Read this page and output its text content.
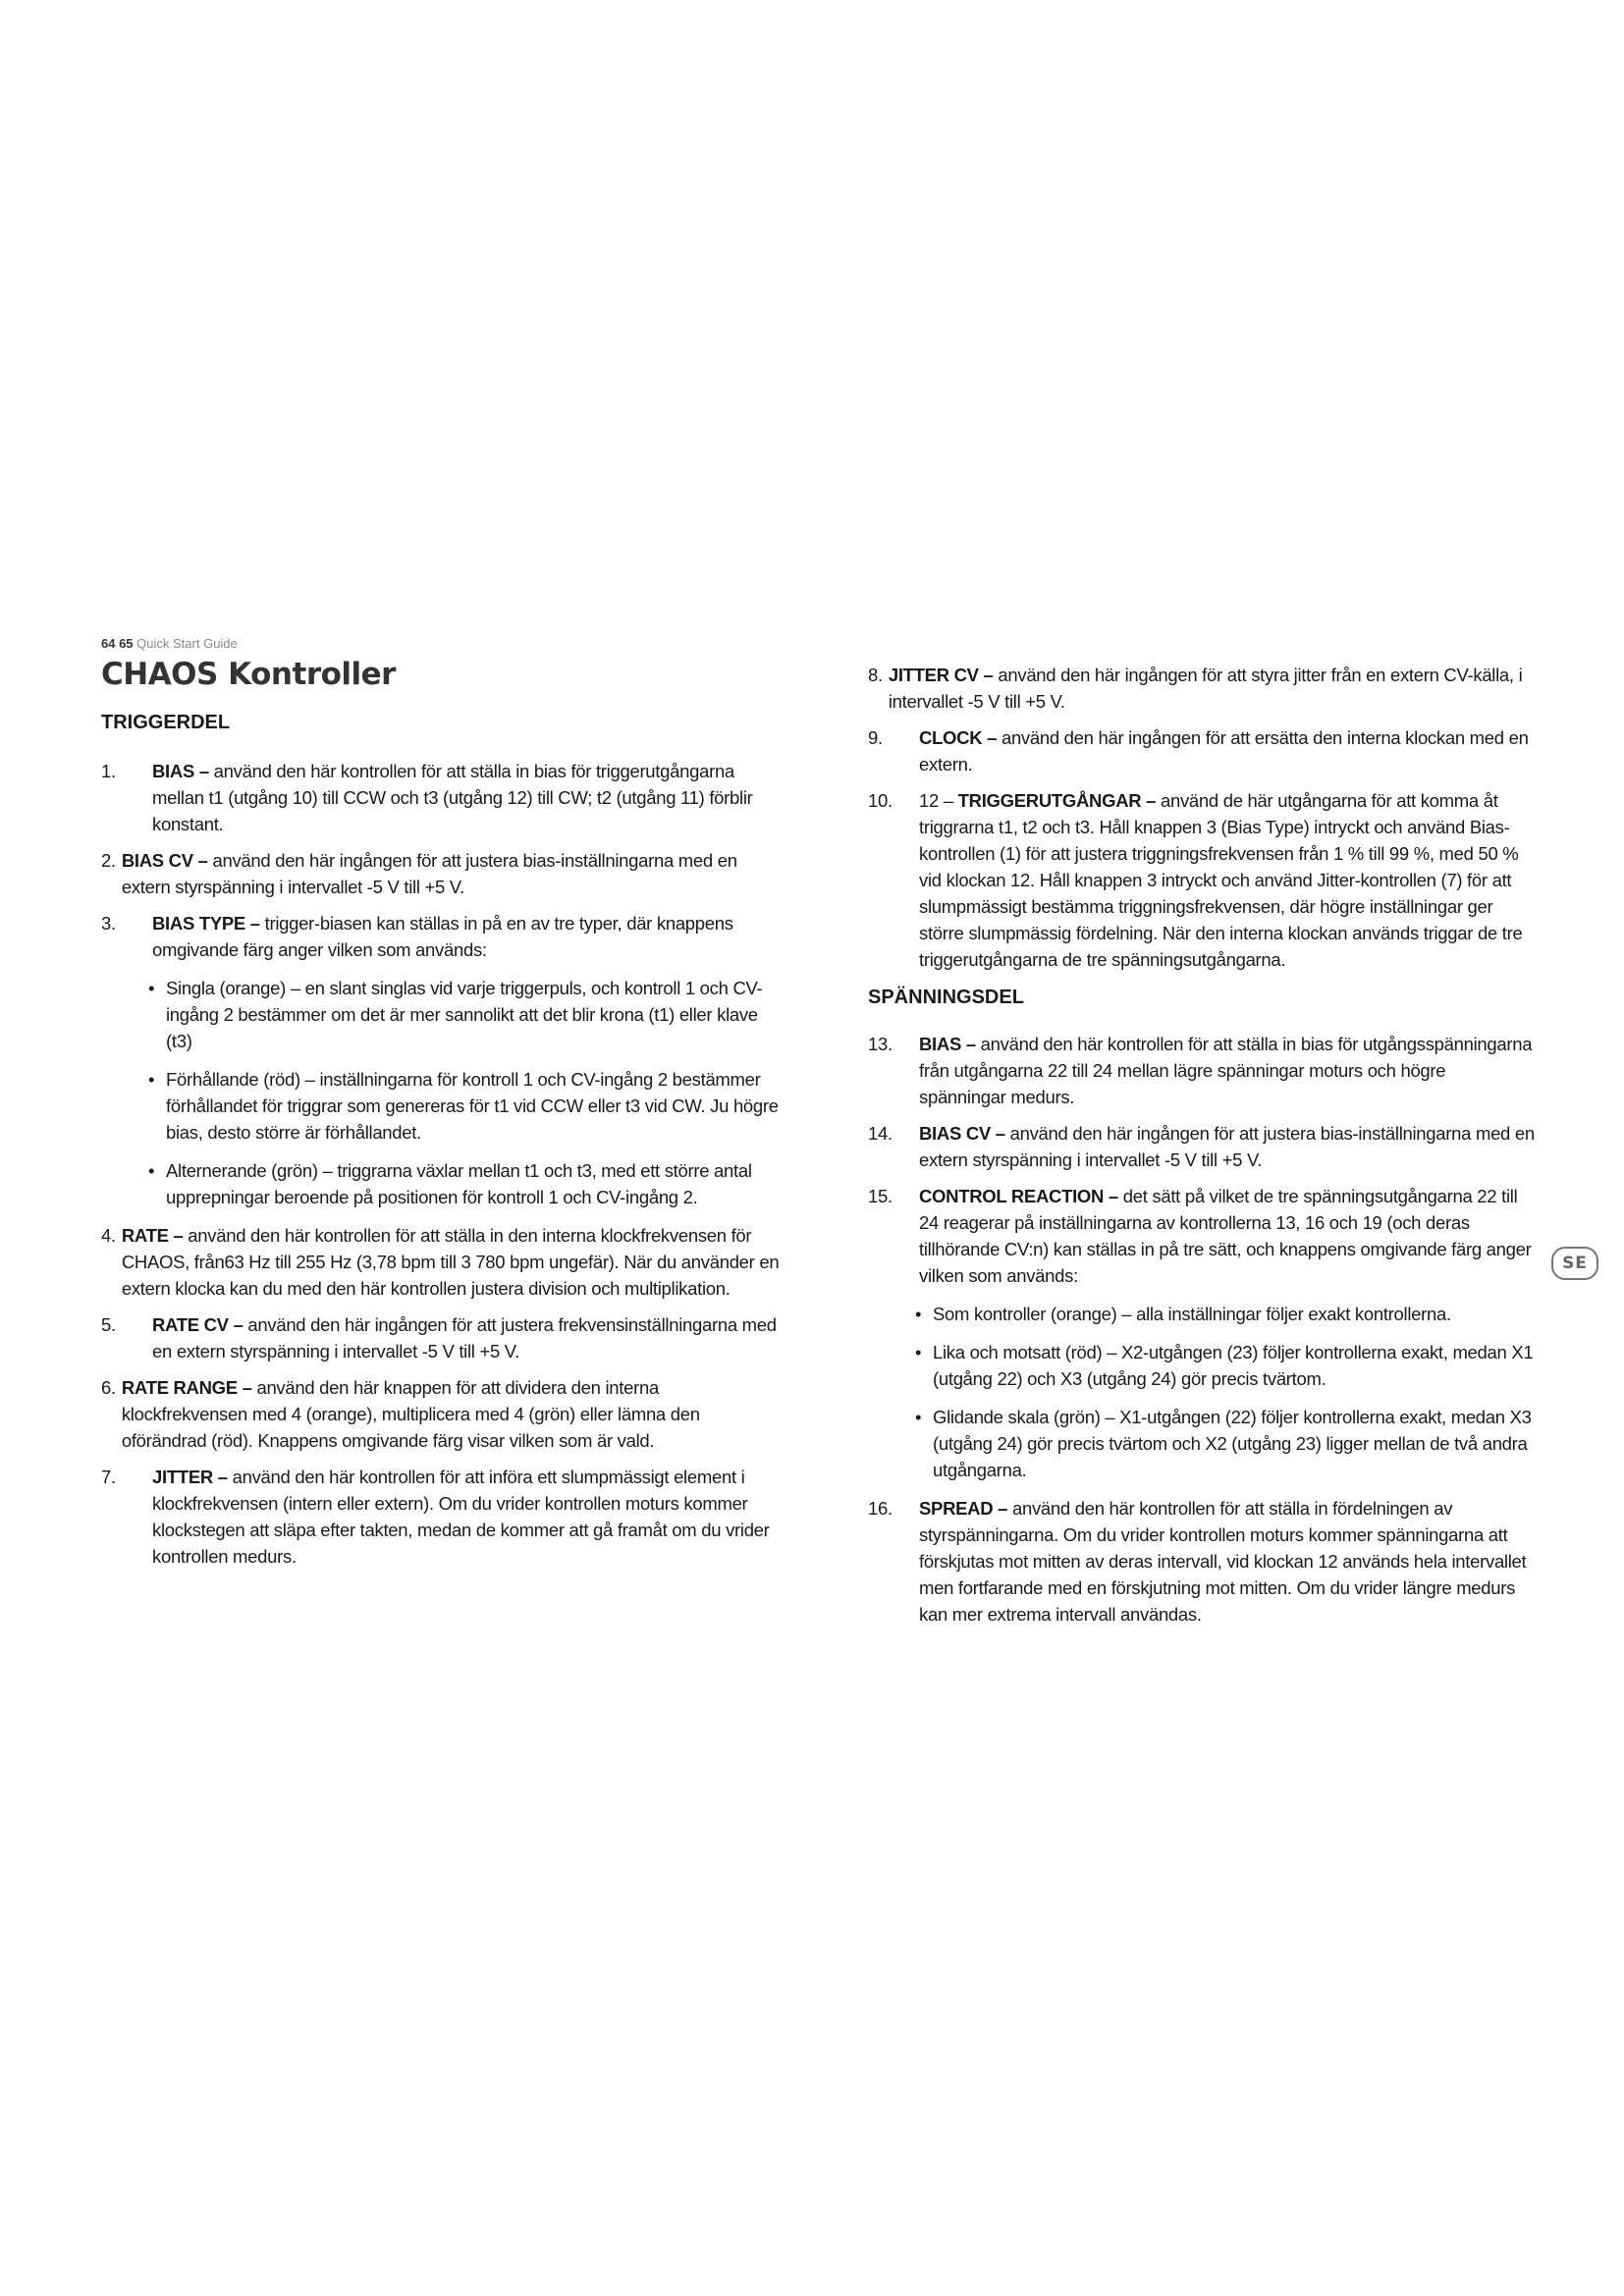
64 65 Quick Start Guide
CHAOS Kontroller
TRIGGERDEL
1.	BIAS – använd den här kontrollen för att ställa in bias för triggerutgångarna mellan t1 (utgång 10) till CCW och t3 (utgång 12) till CW; t2 (utgång 11) förblir konstant.
2. BIAS CV – använd den här ingången för att justera bias-inställningarna med en extern styrspänning i intervallet -5 V till +5 V.
3.	BIAS TYPE – trigger-biasen kan ställas in på en av tre typer, där knappens omgivande färg anger vilken som används:
• Singla (orange) – en slant singlas vid varje triggerpuls, och kontroll 1 och CV-ingång 2 bestämmer om det är mer sannolikt att det blir krona (t1) eller klave (t3)
• Förhållande (röd) – inställningarna för kontroll 1 och CV-ingång 2 bestämmer förhållandet för triggrar som genereras för t1 vid CCW eller t3 vid CW. Ju högre bias, desto större är förhållandet.
• Alternerande (grön) – triggrarna växlar mellan t1 och t3, med ett större antal upprepningar beroende på positionen för kontroll 1 och CV-ingång 2.
4. RATE – använd den här kontrollen för att ställa in den interna klockfrekvensen för CHAOS, från63 Hz till 255 Hz (3,78 bpm till 3 780 bpm ungefär). När du använder en extern klocka kan du med den här kontrollen justera division och multiplikation.
5.	RATE CV – använd den här ingången för att justera frekvensinställningarna med en extern styrspänning i intervallet -5 V till +5 V.
6. RATE RANGE – använd den här knappen för att dividera den interna klockfrekvensen med 4 (orange), multiplicera med 4 (grön) eller lämna den oförändrad (röd). Knappens omgivande färg visar vilken som är vald.
7.	JITTER – använd den här kontrollen för att införa ett slumpmässigt element i klockfrekvensen (intern eller extern). Om du vrider kontrollen moturs kommer klockstegen att släpa efter takten, medan de kommer att gå framåt om du vrider kontrollen medurs.
8. JITTER CV – använd den här ingången för att styra jitter från en extern CV-källa, i intervallet -5 V till +5 V.
9.	CLOCK – använd den här ingången för att ersätta den interna klockan med en extern.
10.	12 – TRIGGERUTGÅNGAR – använd de här utgångarna för att komma åt triggrarna t1, t2 och t3. Håll knappen 3 (Bias Type) intryckt och använd Bias-kontrollen (1) för att justera triggningsfrekvensen från 1 % till 99 %, med 50 % vid klockan 12. Håll knappen 3 intryckt och använd Jitter-kontrollen (7) för att slumpmässigt bestämma triggningsfrekvensen, där högre inställningar ger större slumpmässig fördelning. När den interna klockan används triggar de tre triggerutgångarna de tre spänningsutgångarna.
SPÄNNINGSDEL
13.	BIAS – använd den här kontrollen för att ställa in bias för utgångsspänningarna från utgångarna 22 till 24 mellan lägre spänningar moturs och högre spänningar medurs.
14.	BIAS CV – använd den här ingången för att justera bias-inställningarna med en extern styrspänning i intervallet -5 V till +5 V.
15.	CONTROL REACTION – det sätt på vilket de tre spänningsutgångarna 22 till 24 reagerar på inställningarna av kontrollerna 13, 16 och 19 (och deras tillhörande CV:n) kan ställas in på tre sätt, och knappens omgivande färg anger vilken som används:
• Som kontroller (orange) – alla inställningar följer exakt kontrollerna.
• Lika och motsatt (röd) – X2-utgången (23) följer kontrollerna exakt, medan X1 (utgång 22) och X3 (utgång 24) gör precis tvärtom.
• Glidande skala (grön) – X1-utgången (22) följer kontrollerna exakt, medan X3 (utgång 24) gör precis tvärtom och X2 (utgång 23) ligger mellan de två andra utgångarna.
16.	SPREAD – använd den här kontrollen för att ställa in fördelningen av styrspänningarna. Om du vrider kontrollen moturs kommer spänningarna att förskjutas mot mitten av deras intervall, vid klockan 12 används hela intervallet men fortfarande med en förskjutning mot mitten. Om du vrider längre medurs kan mer extrema intervall användas.
SE
